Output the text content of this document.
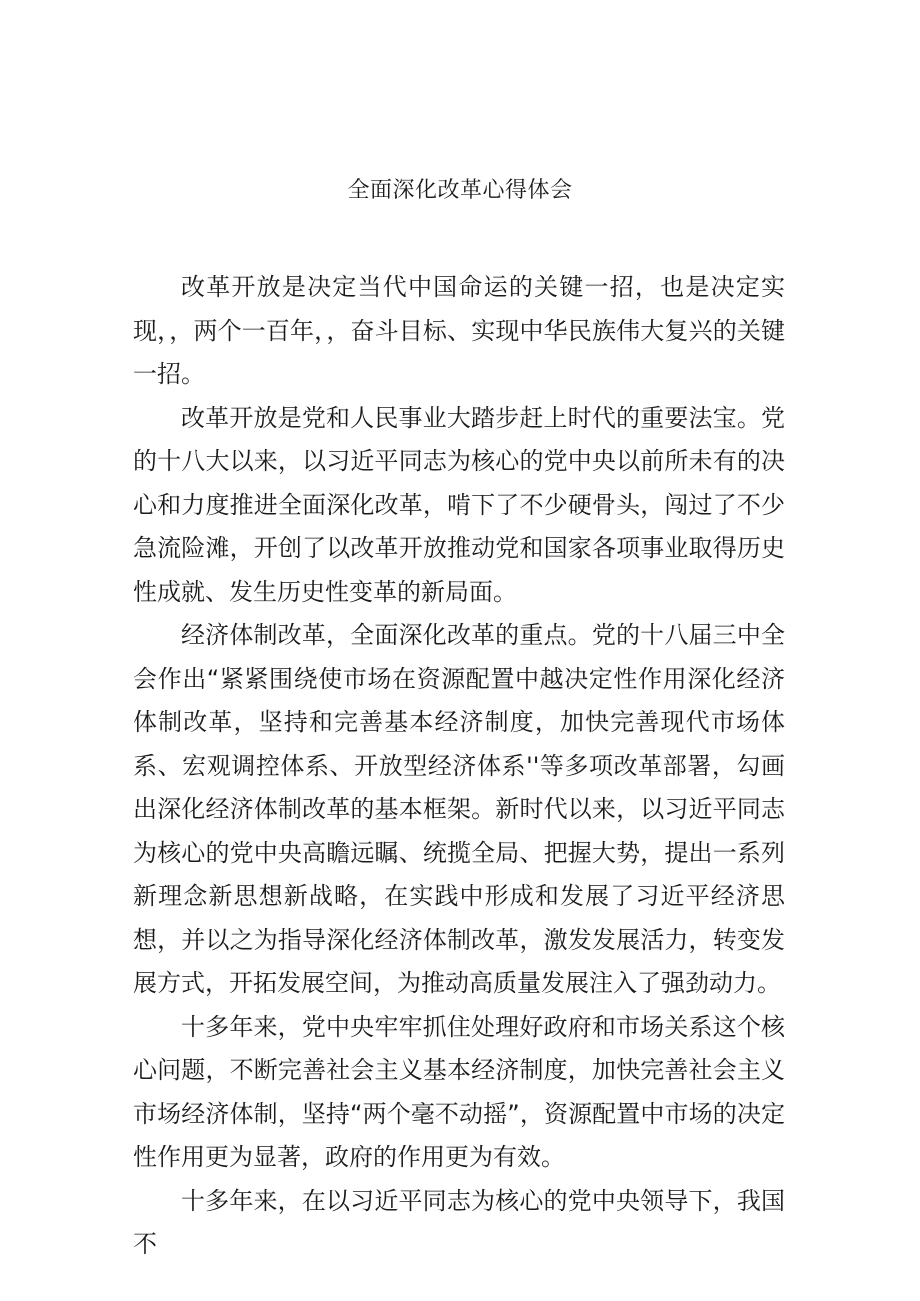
全面深化改革心得体会

改革开放是决定当代中国命运的关键一招，也是决定实现，，两个一百年，，奋斗目标、实现中华民族伟大复兴的关键一招。

改革开放是党和人民事业大踏步赶上时代的重要法宝。党的十八大以来，以习近平同志为核心的党中央以前所未有的决心和力度推进全面深化改革，啃下了不少硬骨头，闯过了不少急流险滩，开创了以改革开放推动党和国家各项事业取得历史性成就、发生历史性变革的新局面。

经济体制改革，全面深化改革的重点。党的十八届三中全会作出“紧紧围绕使市场在资源配置中越决定性作用深化经济体制改革，坚持和完善基本经济制度，加快完善现代市场体系、宏观调控体系、开放型经济体系''等多项改革部署，勾画出深化经济体制改革的基本框架。新时代以来，以习近平同志为核心的党中央高瞻远瞩、统揽全局、把握大势，提出一系列新理念新思想新战略，在实践中形成和发展了习近平经济思想，并以之为指导深化经济体制改革，激发发展活力，转变发展方式，开拓发展空间，为推动高质量发展注入了强劲动力。

十多年来，党中央牢牢抓住处理好政府和市场关系这个核心问题，不断完善社会主义基本经济制度，加快完善社会主义市场经济体制，坚持“两个毫不动摇”，资源配置中市场的决定性作用更为显著，政府的作用更为有效。

十多年来，在以习近平同志为核心的党中央领导下，我国不
